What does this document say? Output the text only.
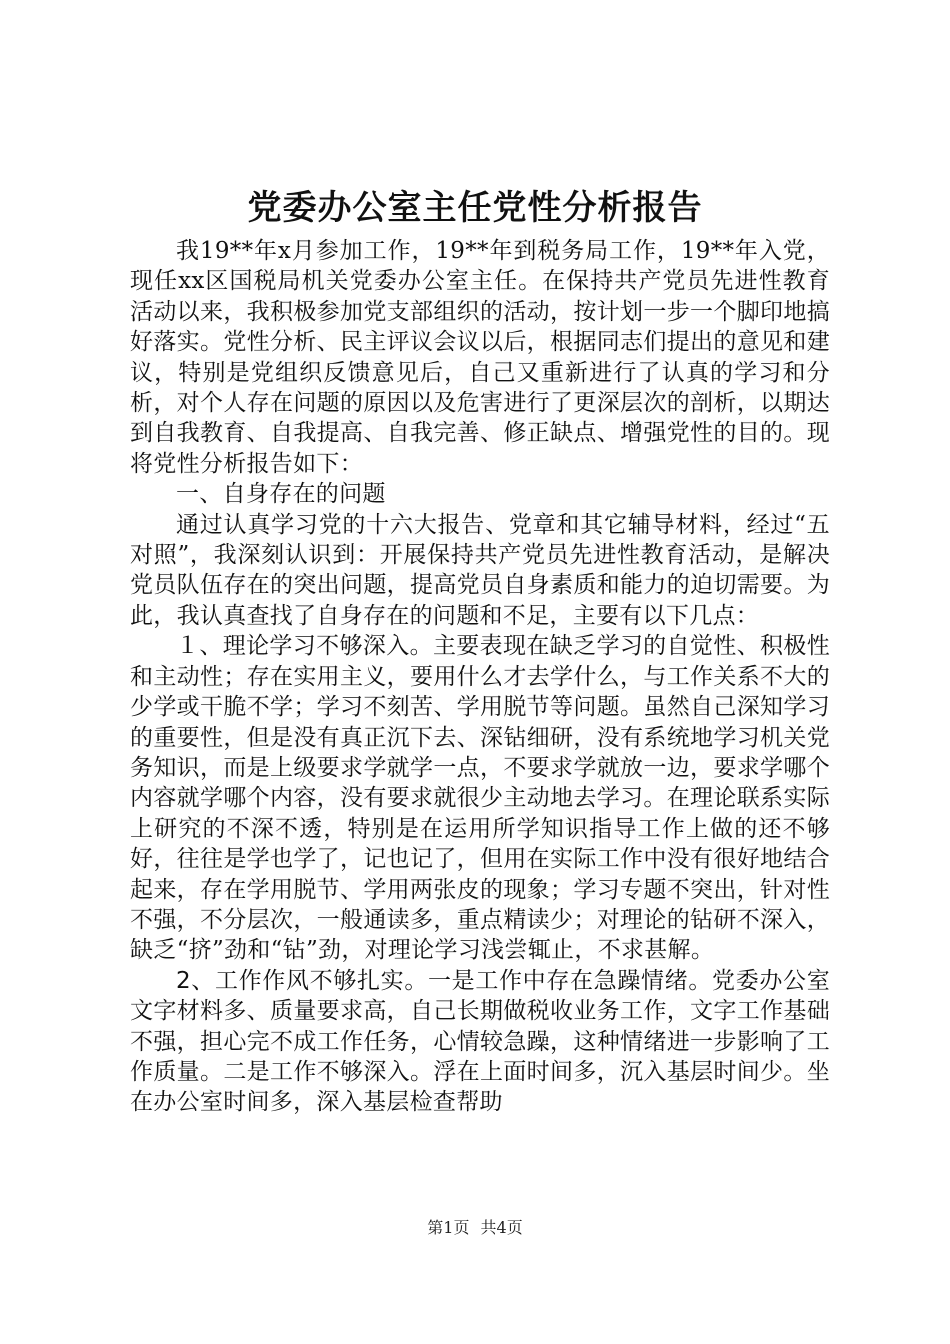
党委办公室主任党性分析报告

我19**年x月参加工作，19**年到税务局工作，19**年入党，现任xx区国税局机关党委办公室主任。在保持共产党员先进性教育活动以来，我积极参加党支部组织的活动，按计划一步一个脚印地搞好落实。党性分析、民主评议会议以后，根据同志们提出的意见和建议，特别是党组织反馈意见后，自己又重新进行了认真的学习和分析，对个人存在问题的原因以及危害进行了更深层次的剖析，以期达到自我教育、自我提高、自我完善、修正缺点、增强党性的目的。现将党性分析报告如下：

一、自身存在的问题

通过认真学习党的十六大报告、党章和其它辅导材料，经过“五对照”，我深刻认识到：开展保持共产党员先进性教育活动，是解决党员队伍存在的突出问题，提高党员自身素质和能力的迫切需要。为此，我认真查找了自身存在的问题和不足，主要有以下几点：

１、理论学习不够深入。主要表现在缺乏学习的自觉性、积极性和主动性；存在实用主义，要用什么才去学什么，与工作关系不大的少学或干脆不学；学习不刻苦、学用脱节等问题。虽然自己深知学习的重要性，但是没有真正沉下去、深钻细研，没有系统地学习机关党务知识，而是上级要求学就学一点，不要求学就放一边，要求学哪个内容就学哪个内容，没有要求就很少主动地去学习。在理论联系实际上研究的不深不透，特别是在运用所学知识指导工作上做的还不够好，往往是学也学了，记也记了，但用在实际工作中没有很好地结合起来，存在学用脱节、学用两张皮的现象；学习专题不突出，针对性不强，不分层次，一般通读多，重点精读少；对理论的钻研不深入，缺乏“挤”劲和“钻”劲，对理论学习浅尝辄止，不求甚解。

2、工作作风不够扎实。一是工作中存在急躁情绪。党委办公室文字材料多、质量要求高，自己长期做税收业务工作，文字工作基础不强，担心完不成工作任务，心情较急躁，这种情绪进一步影响了工作质量。二是工作不够深入。浮在上面时间多，沉入基层时间少。坐在办公室时间多，深入基层检查帮助

第1页 共4页
